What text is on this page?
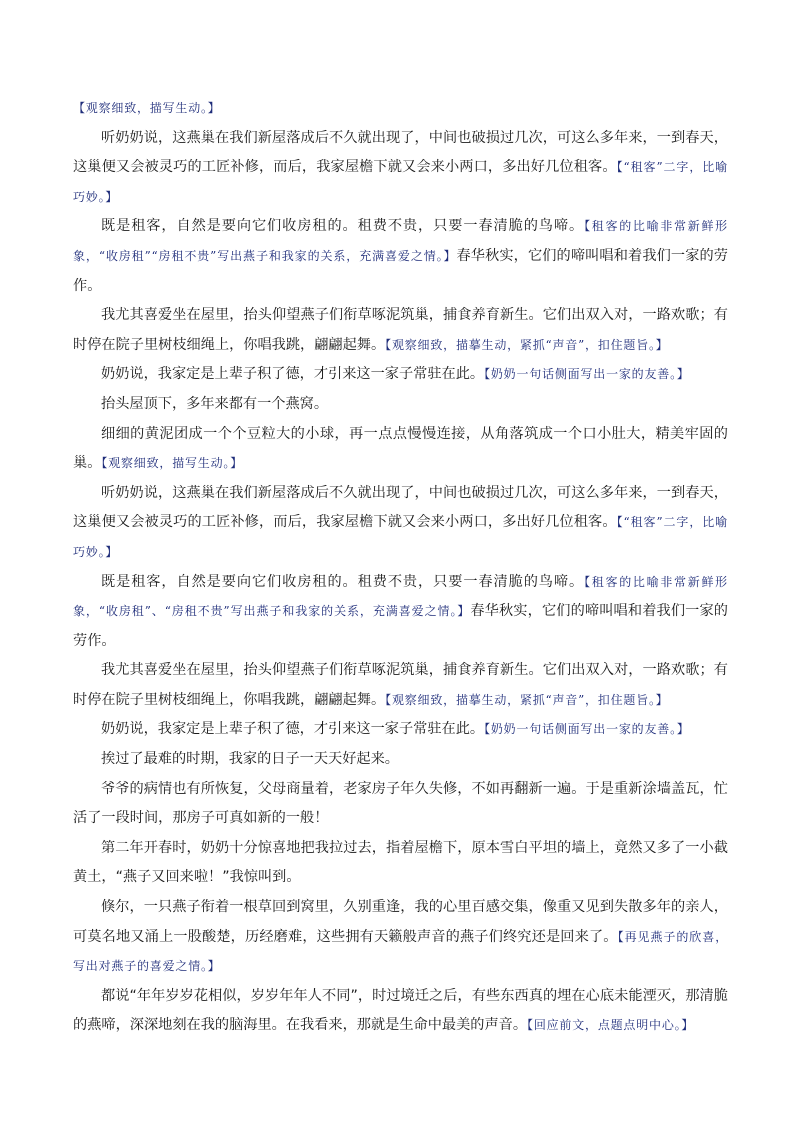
【观察细致，描写生动。】

听奶奶说，这燕巢在我们新屋落成后不久就出现了，中间也破损过几次，可这么多年来，一到春天，这巢便又会被灵巧的工匠补修，而后，我家屋檐下就又会来小两口，多出好几位租客。【“租客”二字，比喻巧妙。】

既是租客，自然是要向它们收房租的。租费不贵，只要一春清脆的鸟啼。【租客的比喻非常新鲜形象，“收房租”“房租不贵”写出燕子和我家的关系，充满喜爱之情。】春华秋实，它们的啼叫唱和着我们一家的劳作。

我尤其喜爱坐在屋里，抬头仰望燕子们衔草啄泥筑巢，捕食养育新生。它们出双入对，一路欢歌；有时停在院子里树枝细绳上，你唱我跳，翩翩起舞。【观察细致，描摹生动，紧抓“声音”，扣住题旨。】

奶奶说，我家定是上辈子积了德，才引来这一家子常驻在此。【奶奶一句话侧面写出一家的友善。】

抬头屋顶下，多年来都有一个燕窝。

细细的黄泥团成一个个豆粒大的小球，再一点点慢慢连接，从角落筑成一个口小肚大，精美牢固的巢。【观察细致，描写生动。】

听奶奶说，这燕巢在我们新屋落成后不久就出现了，中间也破损过几次，可这么多年来，一到春天，这巢便又会被灵巧的工匠补修，而后，我家屋檐下就又会来小两口，多出好几位租客。【“租客”二字，比喻巧妙。】

既是租客，自然是要向它们收房租的。租费不贵，只要一春清脆的鸟啼。【租客的比喻非常新鲜形象，“收房租”、“房租不贵”写出燕子和我家的关系，充满喜爱之情。】春华秋实，它们的啼叫唱和着我们一家的劳作。

我尤其喜爱坐在屋里，抬头仰望燕子们衔草啄泥筑巢，捕食养育新生。它们出双入对，一路欢歌；有时停在院子里树枝细绳上，你唱我跳，翩翩起舞。【观察细致，描摹生动，紧抓“声音”，扣住题旨。】

奶奶说，我家定是上辈子积了德，才引来这一家子常驻在此。【奶奶一句话侧面写出一家的友善。】

挨过了最难的时期，我家的日子一天天好起来。

爷爷的病情也有所恢复，父母商量着，老家房子年久失修，不如再翻新一遍。于是重新涂墙盖瓦，忙活了一段时间，那房子可真如新的一般！

第二年开春时，奶奶十分惊喜地把我拉过去，指着屋檐下，原本雪白平坦的墙上，竟然又多了一小截黄土，“燕子又回来啦！”我惊叫到。

倏尔，一只燕子衔着一根草回到窝里，久别重逢，我的心里百感交集，像重又见到失散多年的亲人，可莫名地又涌上一股酸楚，历经磨难，这些拥有天籁般声音的燕子们终究还是回来了。【再见燕子的欣喜，写出对燕子的喜爱之情。】

都说“年年岁岁花相似，岁岁年年人不同”，时过境迁之后，有些东西真的埋在心底未能湮灭，那清脆的燕啼，深深地刻在我的脑海里。在我看来，那就是生命中最美的声音。【回应前文，点题点明中心。】
